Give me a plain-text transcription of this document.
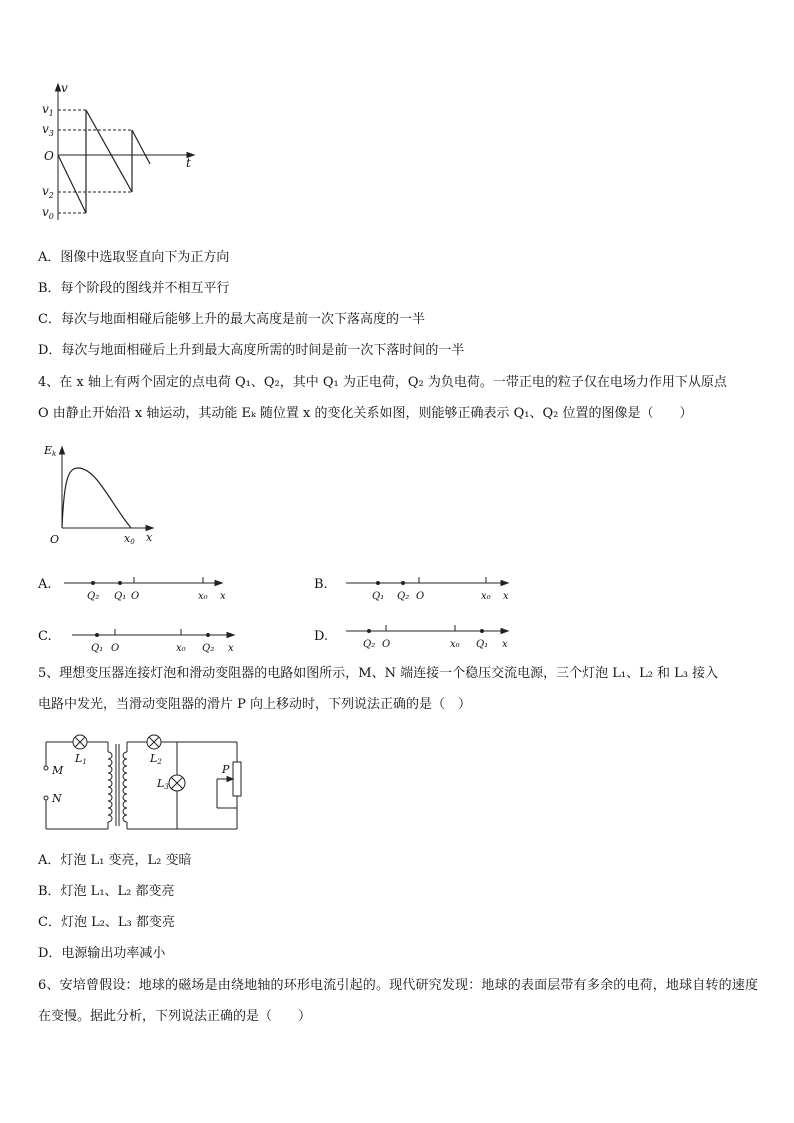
v
t
O
$v_1$
$v_3$
$v_2$
$v_0$
A．图像中选取竖直向下为正方向
B．每个阶段的图线并不相互平行
C．每次与地面相碰后能够上升的最大高度是前一次下落高度的一半
D．每次与地面相碰后上升到最大高度所需的时间是前一次下落时间的一半
4、在 x 轴上有两个固定的点电荷 Q₁、Q₂，其中 Q₁ 为正电荷，Q₂ 为负电荷。一带正电的粒子仅在电场力作用下从原点
O 由静止开始沿 x 轴运动，其动能 Eₖ 随位置 x 的变化关系如图，则能够正确表示 Q₁、Q₂ 位置的图像是（　　）
Ek
O	x0 x
A.
Q₂ Q₁ O	x₀ x
B.
Q₁ Q₂ O	x₀ x
C.
Q₁ O	x₀ Q₂ x
D.
Q₂ O	x₀ Q₁ x
5、理想变压器连接灯泡和滑动变阻器的电路如图所示，M、N 端连接一个稳压交流电源，三个灯泡 L₁、L₂ 和 L₃ 接入
电路中发光，当滑动变阻器的滑片 P 向上移动时，下列说法正确的是（　）
M
N
L1	L2
L3
P
A．灯泡 L₁ 变亮，L₂ 变暗
B．灯泡 L₁、L₂ 都变亮
C．灯泡 L₂、L₃ 都变亮
D．电源输出功率减小
6、安培曾假设：地球的磁场是由绕地轴的环形电流引起的。现代研究发现：地球的表面层带有多余的电荷，地球自转的速度在变慢。据此分析，下列说法正确的是（　　）
